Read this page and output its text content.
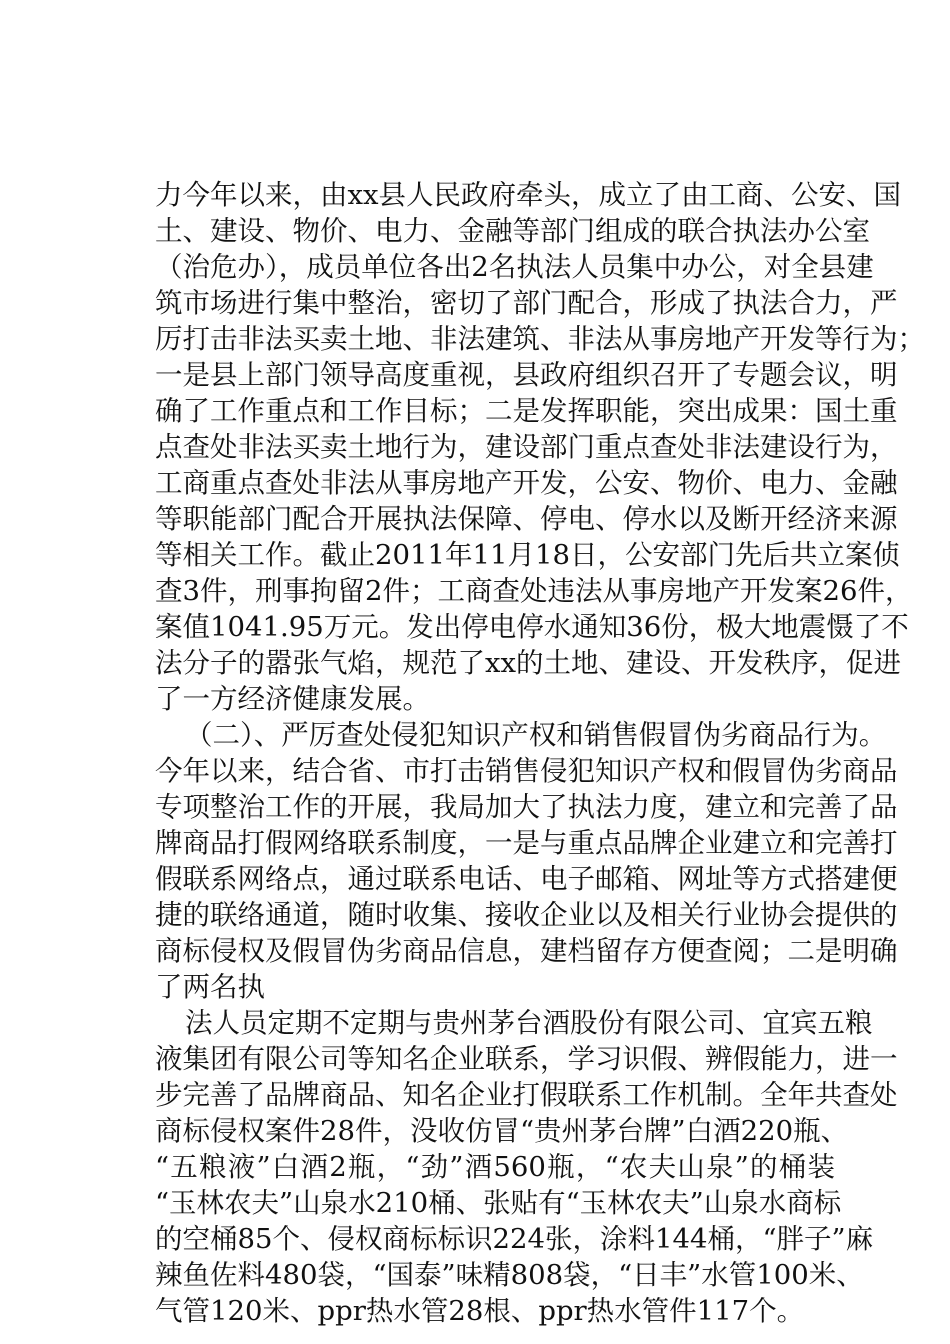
力今年以来，由xx县人民政府牵头，成立了由工商、公安、国
土、建设、物价、电力、金融等部门组成的联合执法办公室
（治危办），成员单位各出2名执法人员集中办公，对全县建
筑市场进行集中整治，密切了部门配合，形成了执法合力，严
厉打击非法买卖土地、非法建筑、非法从事房地产开发等行为；
一是县上部门领导高度重视，县政府组织召开了专题会议，明
确了工作重点和工作目标；二是发挥职能，突出成果：国土重
点查处非法买卖土地行为，建设部门重点查处非法建设行为，
工商重点查处非法从事房地产开发，公安、物价、电力、金融
等职能部门配合开展执法保障、停电、停水以及断开经济来源
等相关工作。截止2011年11月18日，公安部门先后共立案侦
查3件，刑事拘留2件；工商查处违法从事房地产开发案26件，
案值1041.95万元。发出停电停水通知36份，极大地震慑了不
法分子的嚣张气焰，规范了xx的土地、建设、开发秩序，促进
了一方经济健康发展。
（二）、严厉查处侵犯知识产权和销售假冒伪劣商品行为。
今年以来，结合省、市打击销售侵犯知识产权和假冒伪劣商品
专项整治工作的开展，我局加大了执法力度，建立和完善了品
牌商品打假网络联系制度，一是与重点品牌企业建立和完善打
假联系网络点，通过联系电话、电子邮箱、网址等方式搭建便
捷的联络通道，随时收集、接收企业以及相关行业协会提供的
商标侵权及假冒伪劣商品信息，建档留存方便查阅；二是明确
了两名执
法人员定期不定期与贵州茅台酒股份有限公司、宜宾五粮
液集团有限公司等知名企业联系，学习识假、辨假能力，进一
步完善了品牌商品、知名企业打假联系工作机制。全年共查处
商标侵权案件28件，没收仿冒“贵州茅台牌”白酒220瓶、
“五粮液”白酒2瓶，“劲”酒560瓶，“农夫山泉”的桶装
“玉林农夫”山泉水210桶、张贴有“玉林农夫”山泉水商标
的空桶85个、侵权商标标识224张，涂料144桶，“胖子”麻
辣鱼佐料480袋，“国泰”味精808袋，“日丰”水管100米、
气管120米、ppr热水管28根、ppr热水管件117个。
